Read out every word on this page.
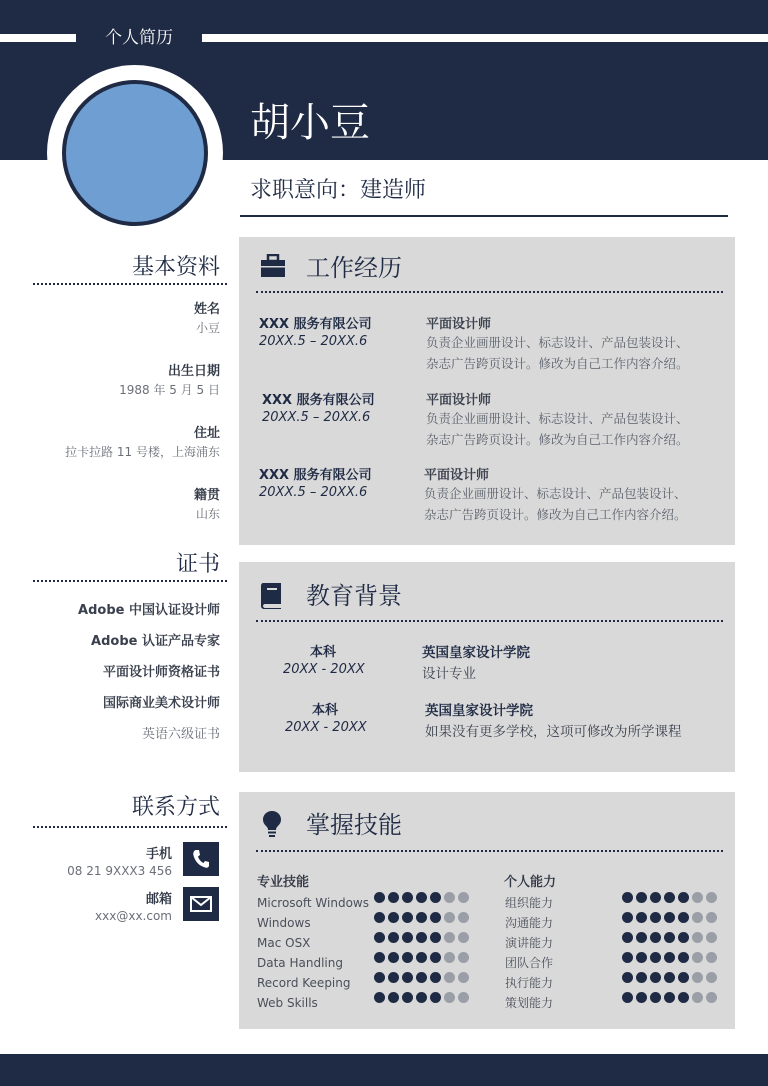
个人简历
胡小豆
求职意向：建造师
基本资料
姓名
小豆
出生日期
1988 年 5 月 5 日
住址
拉卡拉路 11 号楼，上海浦东
籍贯
山东
证书
Adobe 中国认证设计师
Adobe 认证产品专家
平面设计师资格证书
国际商业美术设计师
英语六级证书
联系方式
手机
08 21 9XXX3 456
邮箱
xxx@xx.com
工作经历
XXX 服务有限公司
20XX.5 – 20XX.6
平面设计师
负责企业画册设计、标志设计、产品包装设计、
杂志广告跨页设计。修改为自己工作内容介绍。
XXX 服务有限公司
20XX.5 – 20XX.6
平面设计师
负责企业画册设计、标志设计、产品包装设计、
杂志广告跨页设计。修改为自己工作内容介绍。
XXX 服务有限公司
20XX.5 – 20XX.6
平面设计师
负责企业画册设计、标志设计、产品包装设计、
杂志广告跨页设计。修改为自己工作内容介绍。
教育背景
本科
20XX - 20XX
英国皇家设计学院
设计专业
本科
20XX - 20XX
英国皇家设计学院
如果没有更多学校，这项可修改为所学课程
掌握技能
专业技能	个人能力
Microsoft Windows
Windows
Mac OSX
Data Handling
Record Keeping
Web Skills
组织能力
沟通能力
演讲能力
团队合作
执行能力
策划能力
